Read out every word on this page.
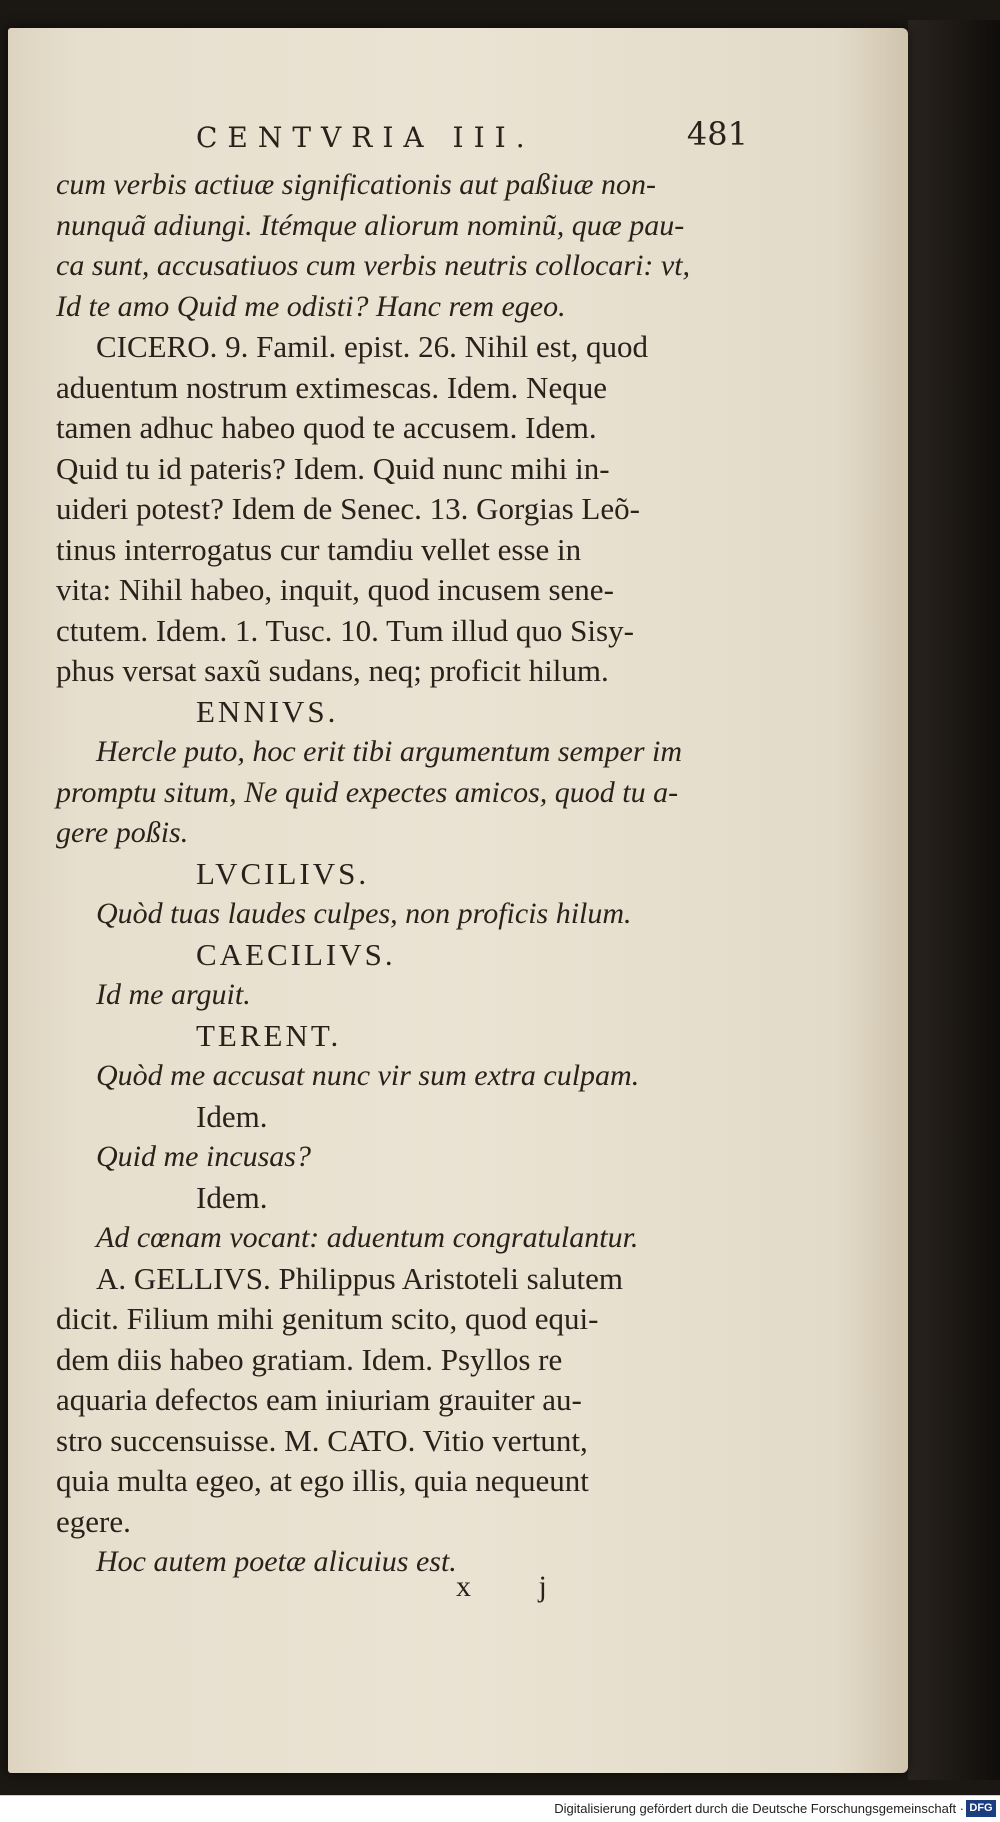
CENTVRIA III.	481
cum verbis actiuæ significationis aut paßiuæ non-
nunquã adiungi. Itémque aliorum nominũ, quæ pau-
ca sunt, accusatiuos cum verbis neutris collocari: vt,
Id te amo Quid me odisti? Hanc rem egeo.
CICERO. 9. Famil. epist. 26. Nihil est, quod
aduentum nostrum extimescas. Idem. Neque
tamen adhuc habeo quod te accusem. Idem.
Quid tu id pateris? Idem. Quid nunc mihi in-
uideri potest? Idem de Senec. 13. Gorgias Leõ-
tinus interrogatus cur tamdiu vellet esse in
vita: Nihil habeo, inquit, quod incusem sene-
ctutem. Idem. 1. Tusc. 10. Tum illud quo Sisy-
phus versat saxũ sudans, neq; proficit hilum.
ENNIVS.
Hercle puto, hoc erit tibi argumentum semper im
promptu situm, Ne quid expectes amicos, quod tu a-
gere poßis.
LVCILIVS.
Quòd tuas laudes culpes, non proficis hilum.
CAECILIVS.
Id me arguit.
TERENT.
Quòd me accusat nunc vir sum extra culpam.
Idem.
Quid me incusas?
Idem.
Ad cœnam vocant: aduentum congratulantur.
A. GELLIVS. Philippus Aristoteli salutem
dicit. Filium mihi genitum scito, quod equi-
dem diis habeo gratiam. Idem. Psyllos re
aquaria defectos eam iniuriam grauiter au-
stro succensuisse. M. CATO. Vitio vertunt,
quia multa egeo, at ego illis, quia nequeunt
egere.
Hoc autem poetæ alicuius est.
x j
Digitalisierung gefördert durch die Deutsche Forschungsgemeinschaft · DFG
